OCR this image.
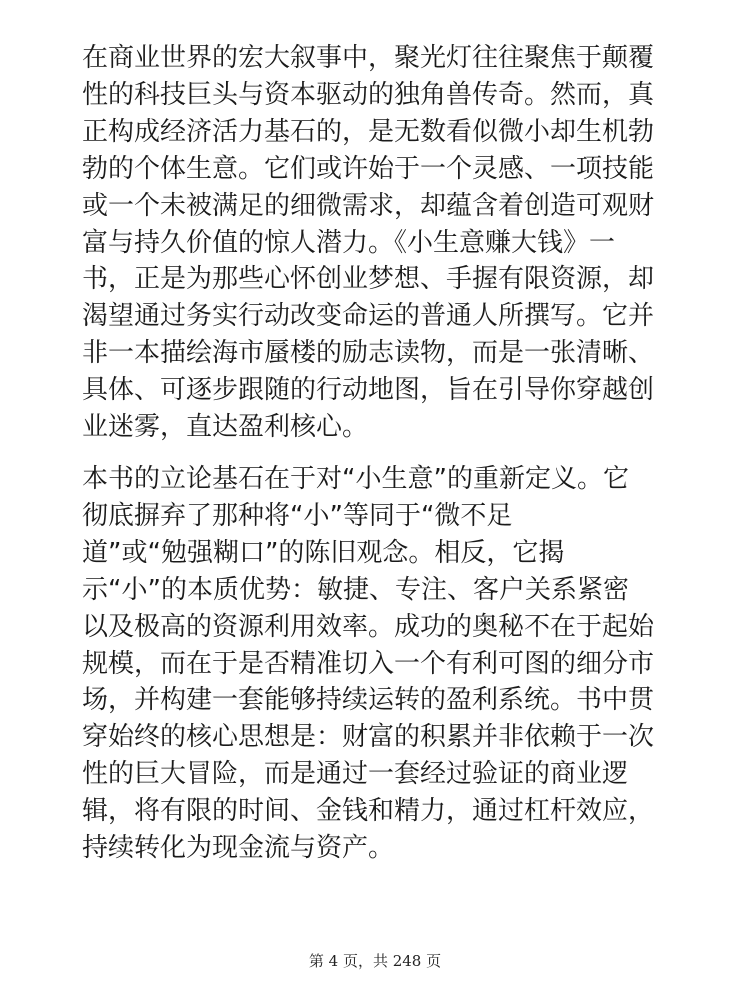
在商业世界的宏大叙事中，聚光灯往往聚焦于颠覆
性的科技巨头与资本驱动的独角兽传奇。然而，真
正构成经济活力基石的，是无数看似微小却生机勃
勃的个体生意。它们或许始于一个灵感、一项技能
或一个未被满足的细微需求，却蕴含着创造可观财
富与持久价值的惊人潜力。《小生意赚大钱》一
书，正是为那些心怀创业梦想、手握有限资源，却
渴望通过务实行动改变命运的普通人所撰写。它并
非一本描绘海市蜃楼的励志读物，而是一张清晰、
具体、可逐步跟随的行动地图，旨在引导你穿越创
业迷雾，直达盈利核心。
本书的立论基石在于对“小生意”的重新定义。它
彻底摒弃了那种将“小”等同于“微不足
道”或“勉强糊口”的陈旧观念。相反，它揭
示“小”的本质优势：敏捷、专注、客户关系紧密
以及极高的资源利用效率。成功的奥秘不在于起始
规模，而在于是否精准切入一个有利可图的细分市
场，并构建一套能够持续运转的盈利系统。书中贯
穿始终的核心思想是：财富的积累并非依赖于一次
性的巨大冒险，而是通过一套经过验证的商业逻
辑，将有限的时间、金钱和精力，通过杠杆效应，
持续转化为现金流与资产。
第 4 页，共 248 页
